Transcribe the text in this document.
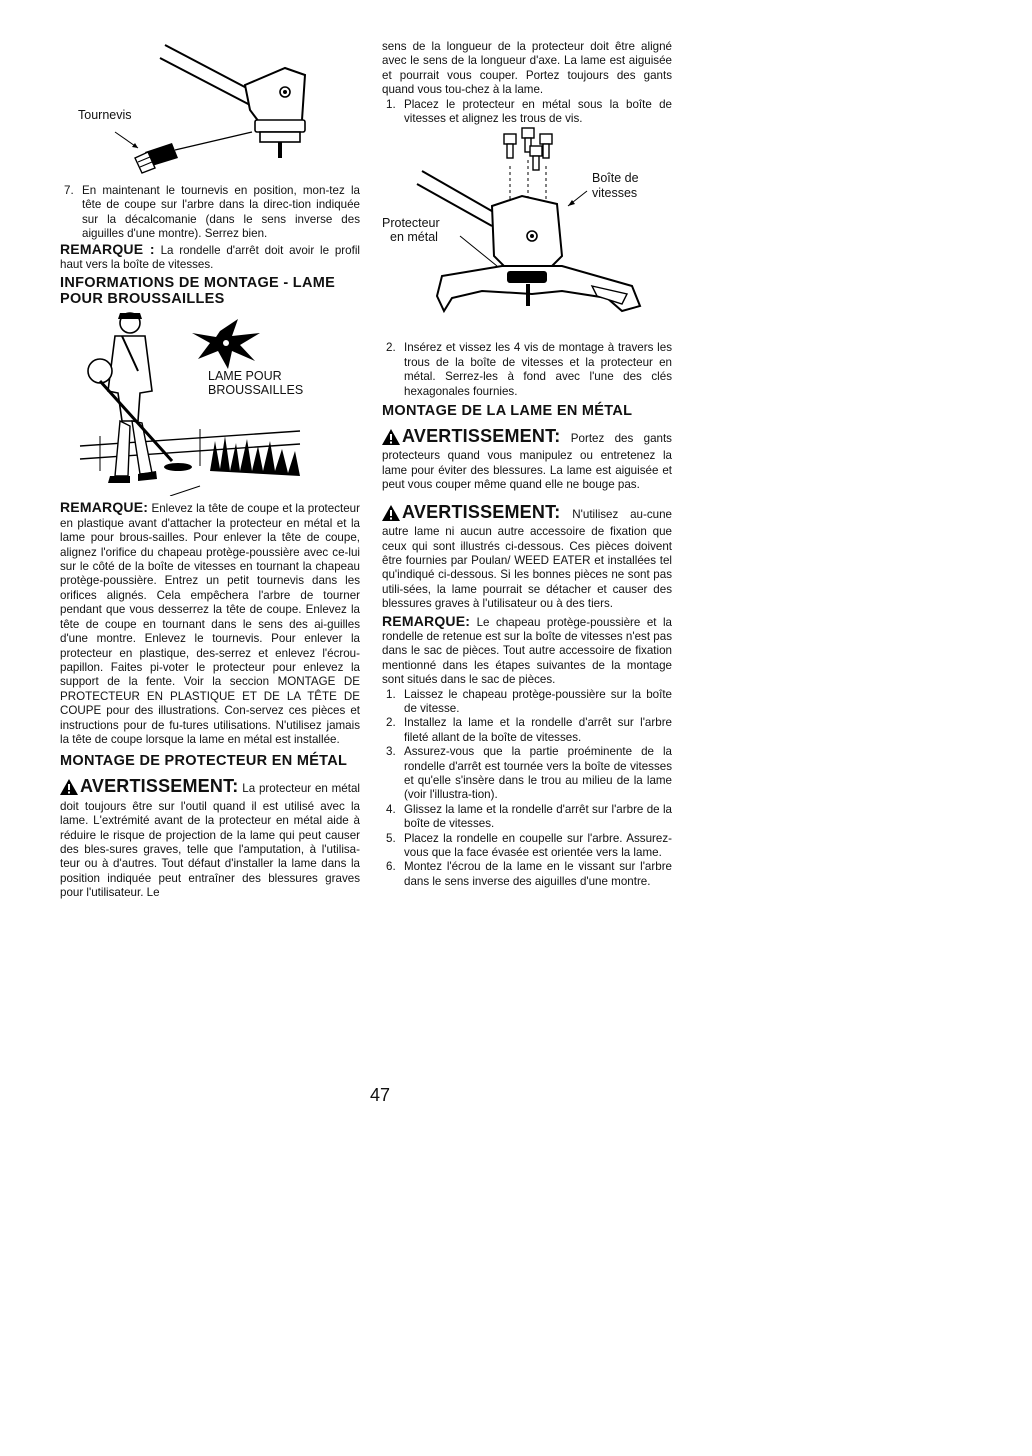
Tournevis
7. En maintenant le tournevis en position, mon-tez la tête de coupe sur l'arbre dans la direc-tion indiquée sur la décalcomanie (dans le sens inverse des aiguilles d'une montre). Serrez bien.

REMARQUE : La rondelle d'arrêt doit avoir le profil haut vers la boîte de vitesses.

INFORMATIONS DE MONTAGE - LAME POUR BROUSSAILLES
LAME POUR
BROUSSAILLES

REMARQUE: Enlevez la tête de coupe et la protecteur en plastique avant d'attacher la protecteur en métal et la lame pour brous-sailles. Pour enlever la tête de coupe, alignez l'orifice du chapeau protège-poussière avec ce-lui sur le côté de la boîte de vitesses en tournant la chapeau protège-poussière. Entrez un petit tournevis dans les orifices alignés. Cela empêchera l'arbre de tourner pendant que vous desserrez la tête de coupe. Enlevez la tête de coupe en tournant dans le sens des ai-guilles d'une montre. Enlevez le tournevis. Pour enlever la protecteur en plastique, des-serrez et enlevez l'écrou-papillon. Faites pi-voter le protecteur pour enlevez la support de la fente. Voir la seccion MONTAGE DE PROTECTEUR EN PLASTIQUE ET DE LA TÊTE DE COUPE pour des illustrations. Con-servez ces pièces et instructions pour de fu-tures utilisations. N'utilisez jamais la tête de coupe lorsque la lame en métal est installée.

MONTAGE DE PROTECTEUR EN MÉTAL

AVERTISSEMENT: La protecteur en métal doit toujours être sur l'outil quand il est utilisé avec la lame. L'extrémité avant de la protecteur en métal aide à réduire le risque de projection de la lame qui peut causer des bles-sures graves, telle que l'amputation, à l'utilisa-teur ou à d'autres. Tout défaut d'installer la lame dans la position indiquée peut entraîner des blessures graves pour l'utilisateur. Le

sens de la longueur de la protecteur doit être aligné avec le sens de la longueur d'axe. La lame est aiguisée et pourrait vous couper. Portez toujours des gants quand vous tou-chez à la lame.

1. Placez le protecteur en métal sous la boîte de vitesses et alignez les trous de vis.
Boîte de
vitesses
Protecteur
en métal
2. Insérez et vissez les 4 vis de montage à travers les trous de la boîte de vitesses et la protecteur en métal. Serrez-les à fond avec l'une des clés hexagonales fournies.
MONTAGE DE LA LAME EN MÉTAL

AVERTISSEMENT: Portez des gants protecteurs quand vous manipulez ou entretenez la lame pour éviter des blessures. La lame est aiguisée et peut vous couper même quand elle ne bouge pas.

AVERTISSEMENT: N'utilisez au-cune autre lame ni aucun autre accessoire de fixation que ceux qui sont illustrés ci-dessous. Ces pièces doivent être fournies par Poulan/ WEED EATER et installées tel qu'indiqué ci-dessous. Si les bonnes pièces ne sont pas utili-sées, la lame pourrait se détacher et causer des blessures graves à l'utilisateur ou à des tiers.

REMARQUE: Le chapeau protège-poussière et la rondelle de retenue est sur la boîte de vitesses n'est pas dans le sac de pièces. Tout autre accessoire de fixation mentionné dans les étapes suivantes de la montage sont situés dans le sac de pièces.

1. Laissez le chapeau protège-poussière sur la boîte de vitesse.
2. Installez la lame et la rondelle d'arrêt sur l'arbre fileté allant de la boîte de vitesses.
3. Assurez-vous que la partie proéminente de la rondelle d'arrêt est tournée vers la boîte de vitesses et qu'elle s'insère dans le trou au milieu de la lame (voir l'illustra-tion).
4. Glissez la lame et la rondelle d'arrêt sur l'arbre de la boîte de vitesses.
5. Placez la rondelle en coupelle sur l'arbre. Assurez-vous que la face évasée est orientée vers la lame.
6. Montez l'écrou de la lame en le vissant sur l'arbre dans le sens inverse des aiguilles d'une montre.
47
